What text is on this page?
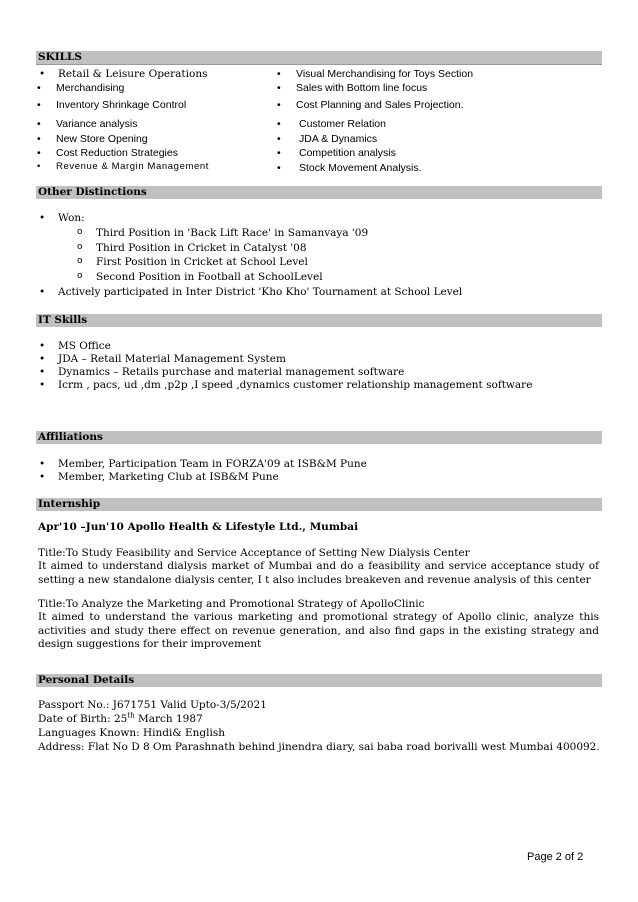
SKILLS
• Retail & Leisure Operations
• Merchandising
• Inventory Shrinkage Control
• Variance analysis
• New Store Opening
• Cost Reduction Strategies
• Revenue & Margin Management
• Visual Merchandising for Toys Section
• Sales with Bottom line focus
• Cost Planning and Sales Projection.
• Customer Relation
• JDA & Dynamics
• Competition analysis
• Stock Movement Analysis.
Other Distinctions
• Won:
o Third Position in 'Back Lift Race' in Samanvaya '09
o Third Position in Cricket in Catalyst '08
o First Position in Cricket at School Level
o Second Position in Football at SchoolLevel
• Actively participated in Inter District 'Kho Kho' Tournament at School Level
IT Skills
• MS Office
• JDA – Retail Material Management System
• Dynamics – Retails purchase and material management software
• Icrm , pacs, ud ,dm ,p2p ,I speed ,dynamics customer relationship management software
Affiliations
• Member, Participation Team in FORZA'09 at ISB&M Pune
• Member, Marketing Club at ISB&M Pune
Internship
Apr'10 –Jun'10 Apollo Health & Lifestyle Ltd., Mumbai
Title:To Study Feasibility and Service Acceptance of Setting New Dialysis Center
It aimed to understand dialysis market of Mumbai and do a feasibility and service acceptance study of setting a new standalone dialysis center, I t also includes breakeven and revenue analysis of this center
Title:To Analyze the Marketing and Promotional Strategy of ApolloClinic
It aimed to understand the various marketing and promotional strategy of Apollo clinic, analyze this activities and study there effect on revenue generation, and also find gaps in the existing strategy and design suggestions for their improvement
Personal Details
Passport No.: J671751 Valid Upto-3/5/2021
Date of Birth: 25th March 1987
Languages Known: Hindi& English
Address: Flat No D 8 Om Parashnath behind jinendra diary, sai baba road borivalli west Mumbai 400092.
Page 2 of 2
